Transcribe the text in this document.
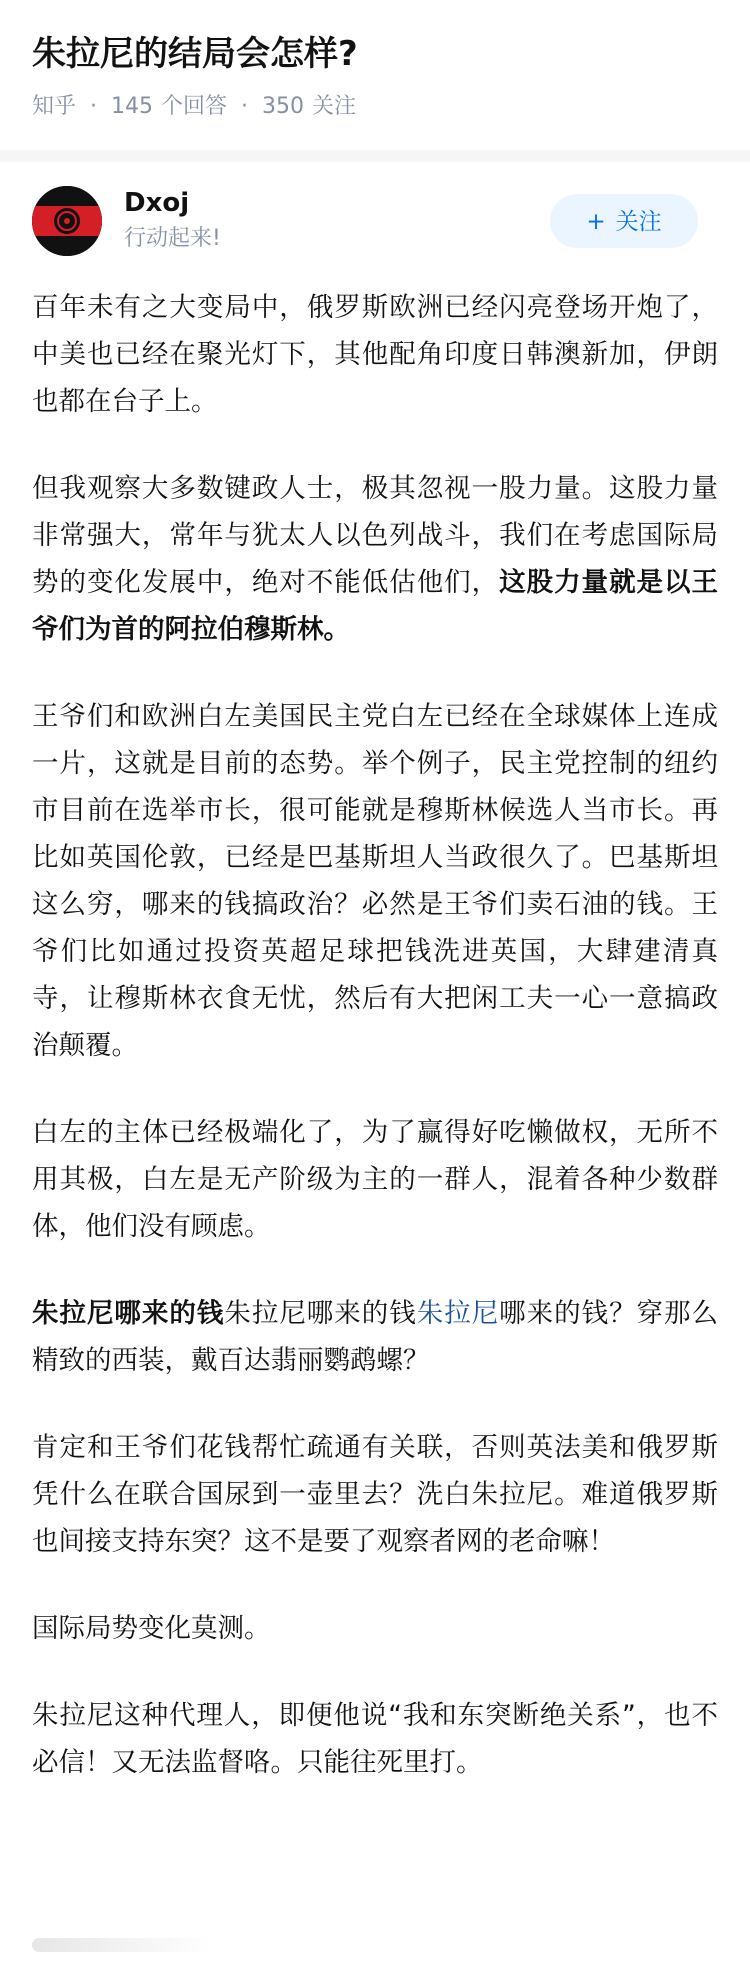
朱拉尼的结局会怎样?
知乎 · 145 个回答 · 350 关注
Dxoj
行动起来!
+ 关注

百年未有之大变局中，俄罗斯欧洲已经闪亮登场开炮了，中美也已经在聚光灯下，其他配角印度日韩澳新加，伊朗也都在台子上。

但我观察大多数键政人士，极其忽视一股力量。这股力量非常强大，常年与犹太人以色列战斗，我们在考虑国际局势的变化发展中，绝对不能低估他们，这股力量就是以王爷们为首的阿拉伯穆斯林。

王爷们和欧洲白左美国民主党白左已经在全球媒体上连成一片，这就是目前的态势。举个例子，民主党控制的纽约市目前在选举市长，很可能就是穆斯林候选人当市长。再比如英国伦敦，已经是巴基斯坦人当政很久了。巴基斯坦这么穷，哪来的钱搞政治？必然是王爷们卖石油的钱。王爷们比如通过投资英超足球把钱洗进英国，大肆建清真寺，让穆斯林衣食无忧，然后有大把闲工夫一心一意搞政治颠覆。

白左的主体已经极端化了，为了赢得好吃懒做权，无所不用其极，白左是无产阶级为主的一群人，混着各种少数群体，他们没有顾虑。

朱拉尼哪来的钱朱拉尼哪来的钱朱拉尼哪来的钱？穿那么精致的西装，戴百达翡丽鹦鹉螺？

肯定和王爷们花钱帮忙疏通有关联，否则英法美和俄罗斯凭什么在联合国尿到一壶里去？洗白朱拉尼。难道俄罗斯也间接支持东突？这不是要了观察者网的老命嘛！

国际局势变化莫测。

朱拉尼这种代理人，即便他说“我和东突断绝关系”，也不必信！又无法监督咯。只能往死里打。
